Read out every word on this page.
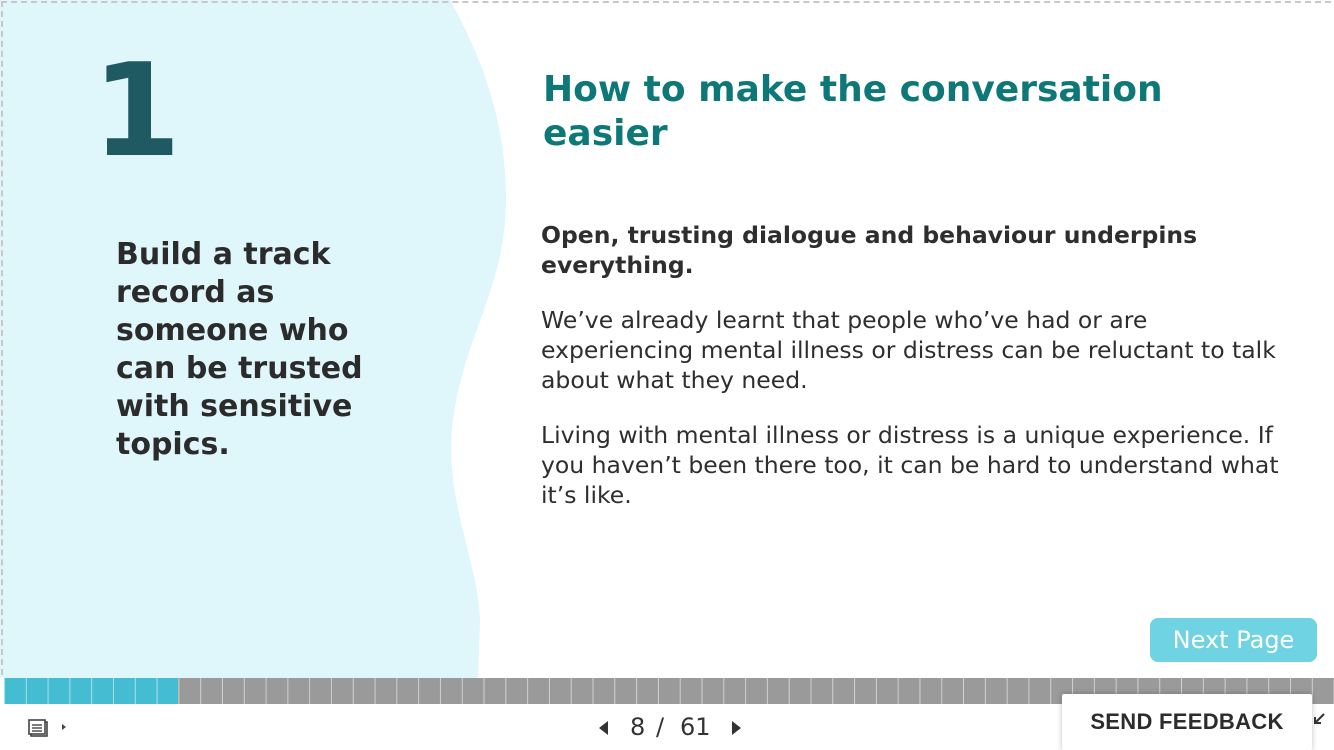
1
Build a track record as someone who can be trusted with sensitive topics.
How to make the conversation easier

Open, trusting dialogue and behaviour underpins everything.

We’ve already learnt that people who’ve had or are experiencing mental illness or distress can be reluctant to talk about what they need.

Living with mental illness or distress is a unique experience. If you haven’t been there too, it can be hard to understand what it’s like.

Next Page
8 / 61	SEND FEEDBACK
